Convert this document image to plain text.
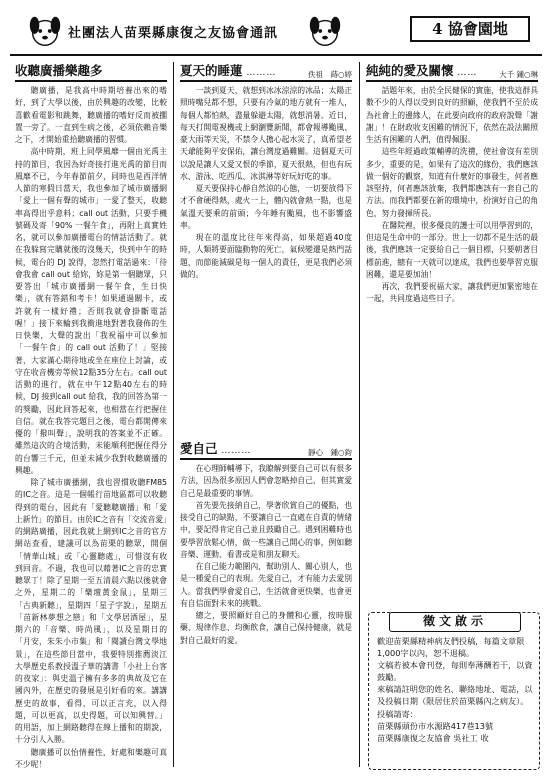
社團法人苗栗縣康復之友協會通訊	4 協會園地
收聽廣播樂趣多

聽廣播，是我高中時期培養出來的嗜好，到了大學以後，由於興趣的改變，比較喜歡看電影和跳舞，聽廣播的嗜好反而被擱置一旁了。一直到生病之後，必須依賴音樂之下，才開始重拾聽廣播的習慣。

高中時期，班上同學風靡一個由光禹主持的節目，我因為好奇接打進光禹的節目而風靡不已，今年春節前夕，同時也是西洋情人節的寒假日當天，我也參加了城市廣播網「愛上一個有聲的城市」一愛了整天，收聽率高得出乎意料；call out 活動，只要手機號碼及寄「90% 一餐午食」，再附上真實姓名，就可以參加廣播電台的情話活動了。就在我躲寫完購就後的沒幾天，快到中午的時候，電台的 DJ 說得，忽然打電話過來：「待會我會 call out 給妳，妳是第一個聽眾，只要答出「城市廣播網一餐午食，生日快樂」，就有答錯和考卡！如果通過關卡，或許就有一樣好禮；否則我就會掛斷電話喔！」接下來輪到我衝進地對著我發佈的生日快樂，大聲的說出「我祝福中可以參加「一餐午食」的 call out 活動了！」堅接著，大家滿心期待地或坐在座位上討論，或守在收音機旁等候12點35分左右。call out活動的進行，就在中午12點40左右的時候，DJ 接到call out 給我，我的回答為第一的獎勵，因此回答起來，也相當在行把握住自信。就在我答完題目之後，電台都開傳來優的「撥叫聲」，說明我的答案並不正確。雖然這次的合境活動，未能順利把握住得分的台響三千元，但並未減少我對收聽廣播的興趣。

除了城市廣播網，我也習慣收聽FM85 的IC之音。這是一個帳行苗地區都可以收聽得到的電台，因此有「愛聽聰廣播」和「愛上新竹」的節目。由於IC之音有「交流音愛」的網路廣播，因此我就上網到IC之音的官方網站查看，建議可以為苗栗的聽眾，開個「情華山城」或「心靈聽處」，可惜沒有收到回音。不過，我也可以藉著IC之音的忠實聽眾丁！除了星期一至五清晨六點以後就會之外，星期二的「樂壇黃金鼠」，星期三「古典新聽」，星期四「星子字說」，星期五「苗新林夢想之戀」和「文學居酒屋」，星期六的「音樂、時尚風」，以及星期日的「月安，朱朱小市集」和「閱讀台灣文學地景」，在這些節目當中，我要特別推薦淡江大學歷史系教授溫子華的講書「小社上台客的夜家」：與史溫子擁有多多的典故及它在國內外，在歷史的發展是引好看的來。講講歷史的故事，看得，可以正言充，以入得題，可以更高，以史得題，可以知興替。」的用語，加上網路聽得在線上播和的期說，十分引人入勝。

聽廣播可以怡情養性，好處和樂趣可真不少呢！

夏天的睡蓮 ………	佚祖　蒔○婷

一談到夏天，就想到冰冰涼涼的冰品；太陽正照時嘴兒都不想，只要有冷氣的地方就有一堆人，每個人都怕熱，盡量躲避太陽，就想消暑。近日，每天打開電視機或上網瀏覽新聞，都會報導颱風、豪大雨等天災，不禁令人擔心起水災了，真希望老天爺能夠平安保佑，讓台灣度過難關。這個夏天可以說是讓人又愛又恨的季節，夏天很熱，但也有玩水、游泳、吃西瓜、冰淇淋等好玩好吃的事。

夏天要保持心靜自然涼的心態，一切要放得下才不會硬得熱，處火一上，體內就會熱一點，也是氣溫天要乘的前頭；今年睡有颱風，也不影響盛率。

現在的溫度比往年來得高，如果超過40度時，人類將要面臨動物的死亡，氣候變遷是熱門話題，而節能減碳是每一個人的責任，更是我們必須做的。

愛自己 ………	靜心　鍾○鈞

在心理師輔導下，我瞭解到要自己可以有很多方法，因為很多原因人們會忽略掉自己，但其實愛自己是最重要的事情。

首先要先接納自己，學著欣賞自己的優點，也接受自己的缺點，不要讓自己一直處在自責的情緒中，要記得肯定自己並且鼓勵自己。遇到困難時也要學習放鬆心情，做一些讓自己開心的事，例如聽音樂、運動、看書或是和朋友聊天。

在自己能力範圍內，幫助別人、關心別人，也是一種愛自己的表現。先愛自己，才有能力去愛別人。當我們學會愛自己，生活就會更快樂，也會更有自信面對未來的挑戰。

總之，要照顧好自己的身體和心靈，按時服藥、規律作息、均衡飲食，讓自己保持健康，就是對自己最好的愛。

純純的愛及關懷 ……	大千 鍾○琳

話題年來，由於全民健保的實施，使我這群具數不少的人得以受到良好的照顧，使我們不至於成為社會上的邊緣人，在此要向政府的政府說聲「謝謝」！在財政收支困難的情況下，依然在設法關照生活有困難的人們，值得佩服。

這些年經過政策輔導的洗禮，使社會沒有差別多少，重要的是，如果有了這次的緣份，我們應該做一個好的觀察，知道有什麼好的事發生，何者應該堅持，何者應該放棄，我們都應該有一套自己的方法。而我們都要在新的環境中，扮演好自己的角色，努力發揮所長。

在醫院裡，很多優良的護士可以用學習到的，但這是生命中的一部分。世上一切都不是生活的最後，我們應該一定要給自己一個目標，只要朝著目標前進，總有一天就可以達成，我們也要學習克服困難，還是要加油！

再次，我們要祝福大家，讓我們更加緊密地在一起，共同度過這些日子。

徵文啟示

歡迎苗栗縣精神病友們投稿，每篇文章限1,000字以內，恕不退稿。

文稿若被本會刊登，每則奉薄酬若干，以資鼓勵。

來稿請註明您的姓名、聯絡地址、電話，以及投稿日期（限居住於苗栗縣內之病友）。

投稿請寄：

苗栗縣頭份市水源路417巷13號

苗栗縣康復之友協會 吳社工 收
